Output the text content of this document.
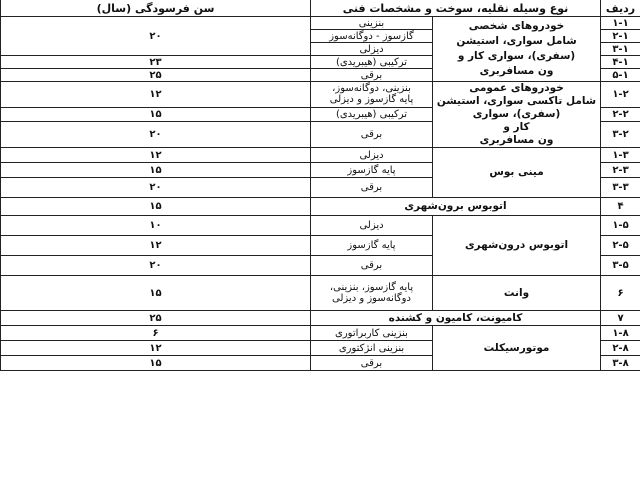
ردیف	نوع وسیله نقلیه، سوخت و مشخصات فنی		سن فرسودگی (سال)
۱-۱	خودروهای شخصی
شامل سواری، استیشن (سفری)، سواری کار و
ون مسافربری	بنزینی	۲۰
۲-۱		گازسوز - دوگانه‌سوز	
۳-۱		دیزلی	
۴-۱		ترکیبی (هیبریدی)	۲۳
۵-۱		برقی	۲۵
۱-۲	خودروهای عمومی
شامل تاکسی سواری، استیشن (سفری)، سواری
کار و
ون مسافربری	بنزینی، دوگانه‌سوز،
پایه گازسوز و دیزلی	۱۲
۲-۲		ترکیبی (هیبریدی)	۱۵
۳-۲		برقی	۲۰
۱-۳	مینی بوس	دیزلی	۱۲
۲-۳		پایه گازسوز	۱۵
۳-۳		برقی	۲۰
۴	اتوبوس برون‌شهری		۱۵
۱-۵	اتوبوس درون‌شهری	دیزلی	۱۰
۲-۵		پایه گازسوز	۱۲
۳-۵		برقی	۲۰
۶	وانت	پایه گازسوز، بنزینی،
دوگانه‌سوز و دیزلی	۱۵
۷	کامیونت، کامیون و کشنده		۲۵
۱-۸	موتورسیکلت	بنزینی کاربراتوری	۶
۲-۸		بنزینی انژکتوری	۱۲
۳-۸		برقی	۱۵
